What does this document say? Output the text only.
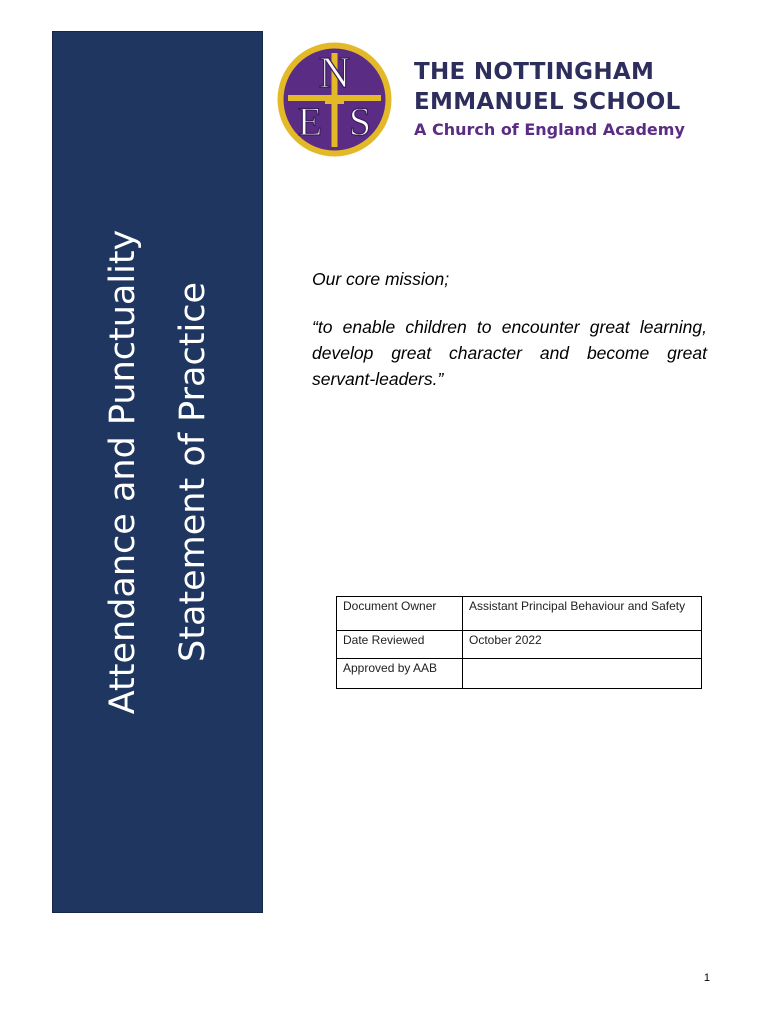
Attendance and Punctuality Statement of Practice
N
E S
THE NOTTINGHAM
EMMANUEL SCHOOL
A Church of England Academy
Our core mission;
“to enable children to encounter great learning, develop great character and become great servant-leaders.”
Document Owner	Assistant Principal Behaviour and Safety
Date Reviewed	October 2022
Approved by AAB	
1
